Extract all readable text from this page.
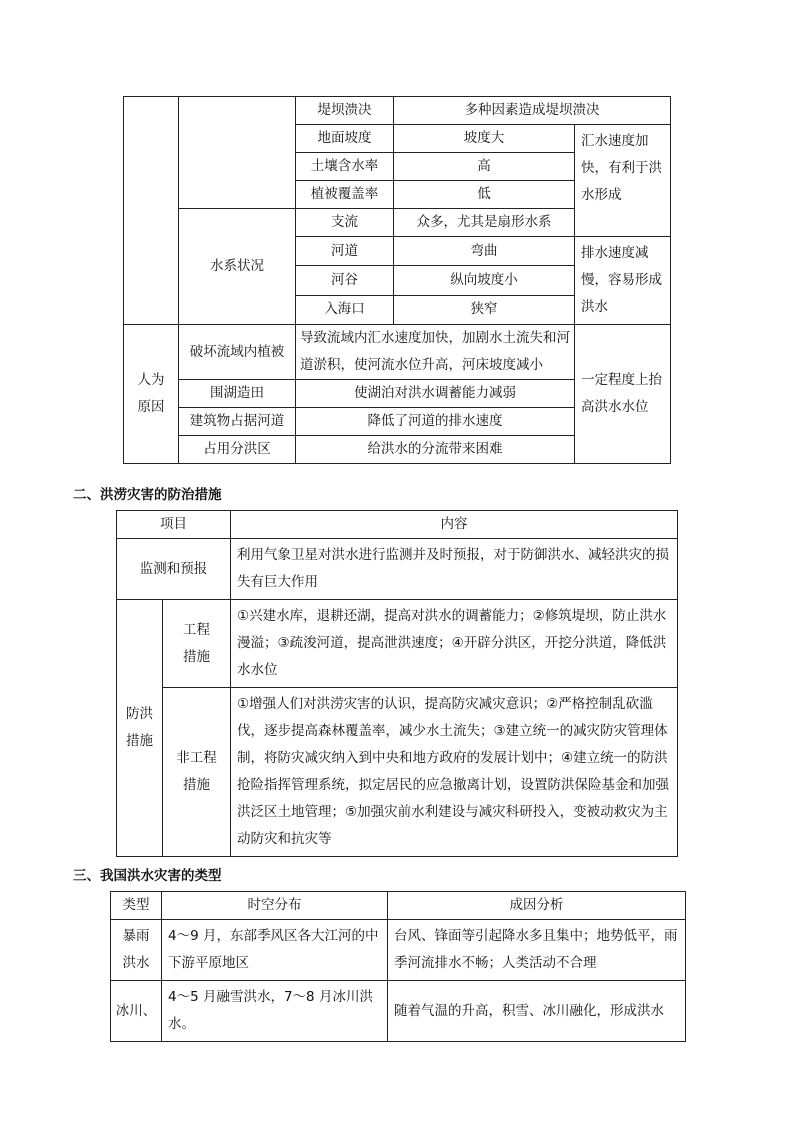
		堤坝溃决	多种因素造成堤坝溃决	
		地面坡度	坡度大	汇水速度加快，有利于洪水形成
		土壤含水率	高	
		植被覆盖率	低	
	水系状况	支流	众多，尤其是扇形水系	
		河道	弯曲	排水速度减慢，容易形成洪水
		河谷	纵向坡度小	
		入海口	狭窄	
人为原因	破坏流域内植被	导致流域内汇水速度加快，加剧水土流失和河道淤积，使河流水位升高，河床坡度减小		一定程度上抬高洪水水位
	围湖造田	使湖泊对洪水调蓄能力减弱		
	建筑物占据河道	降低了河道的排水速度		
	占用分洪区	给洪水的分流带来困难		
二、洪涝灾害的防治措施
项目		内容
监测和预报		利用气象卫星对洪水进行监测并及时预报，对于防御洪水、减轻洪灾的损失有巨大作用
防洪措施	工程措施	①兴建水库，退耕还湖，提高对洪水的调蓄能力；②修筑堤坝，防止洪水漫溢；③疏浚河道，提高泄洪速度；④开辟分洪区，开挖分洪道，降低洪水水位
	非工程措施	①增强人们对洪涝灾害的认识，提高防灾减灾意识；②严格控制乱砍滥伐，逐步提高森林覆盖率，减少水土流失；③建立统一的减灾防灾管理体制，将防灾减灾纳入到中央和地方政府的发展计划中；④建立统一的防洪抢险指挥管理系统，拟定居民的应急撤离计划，设置防洪保险基金和加强洪泛区土地管理；⑤加强灾前水利建设与减灾科研投入，变被动救灾为主动防灾和抗灾等
三、我国洪水灾害的类型
类型	时空分布	成因分析
暴雨洪水	4～9 月，东部季风区各大江河的中下游平原地区	台风、锋面等引起降水多且集中；地势低平，雨季河流排水不畅；人类活动不合理
冰川、	4～5 月融雪洪水，7～8 月冰川洪水。	随着气温的升高，积雪、冰川融化，形成洪水
